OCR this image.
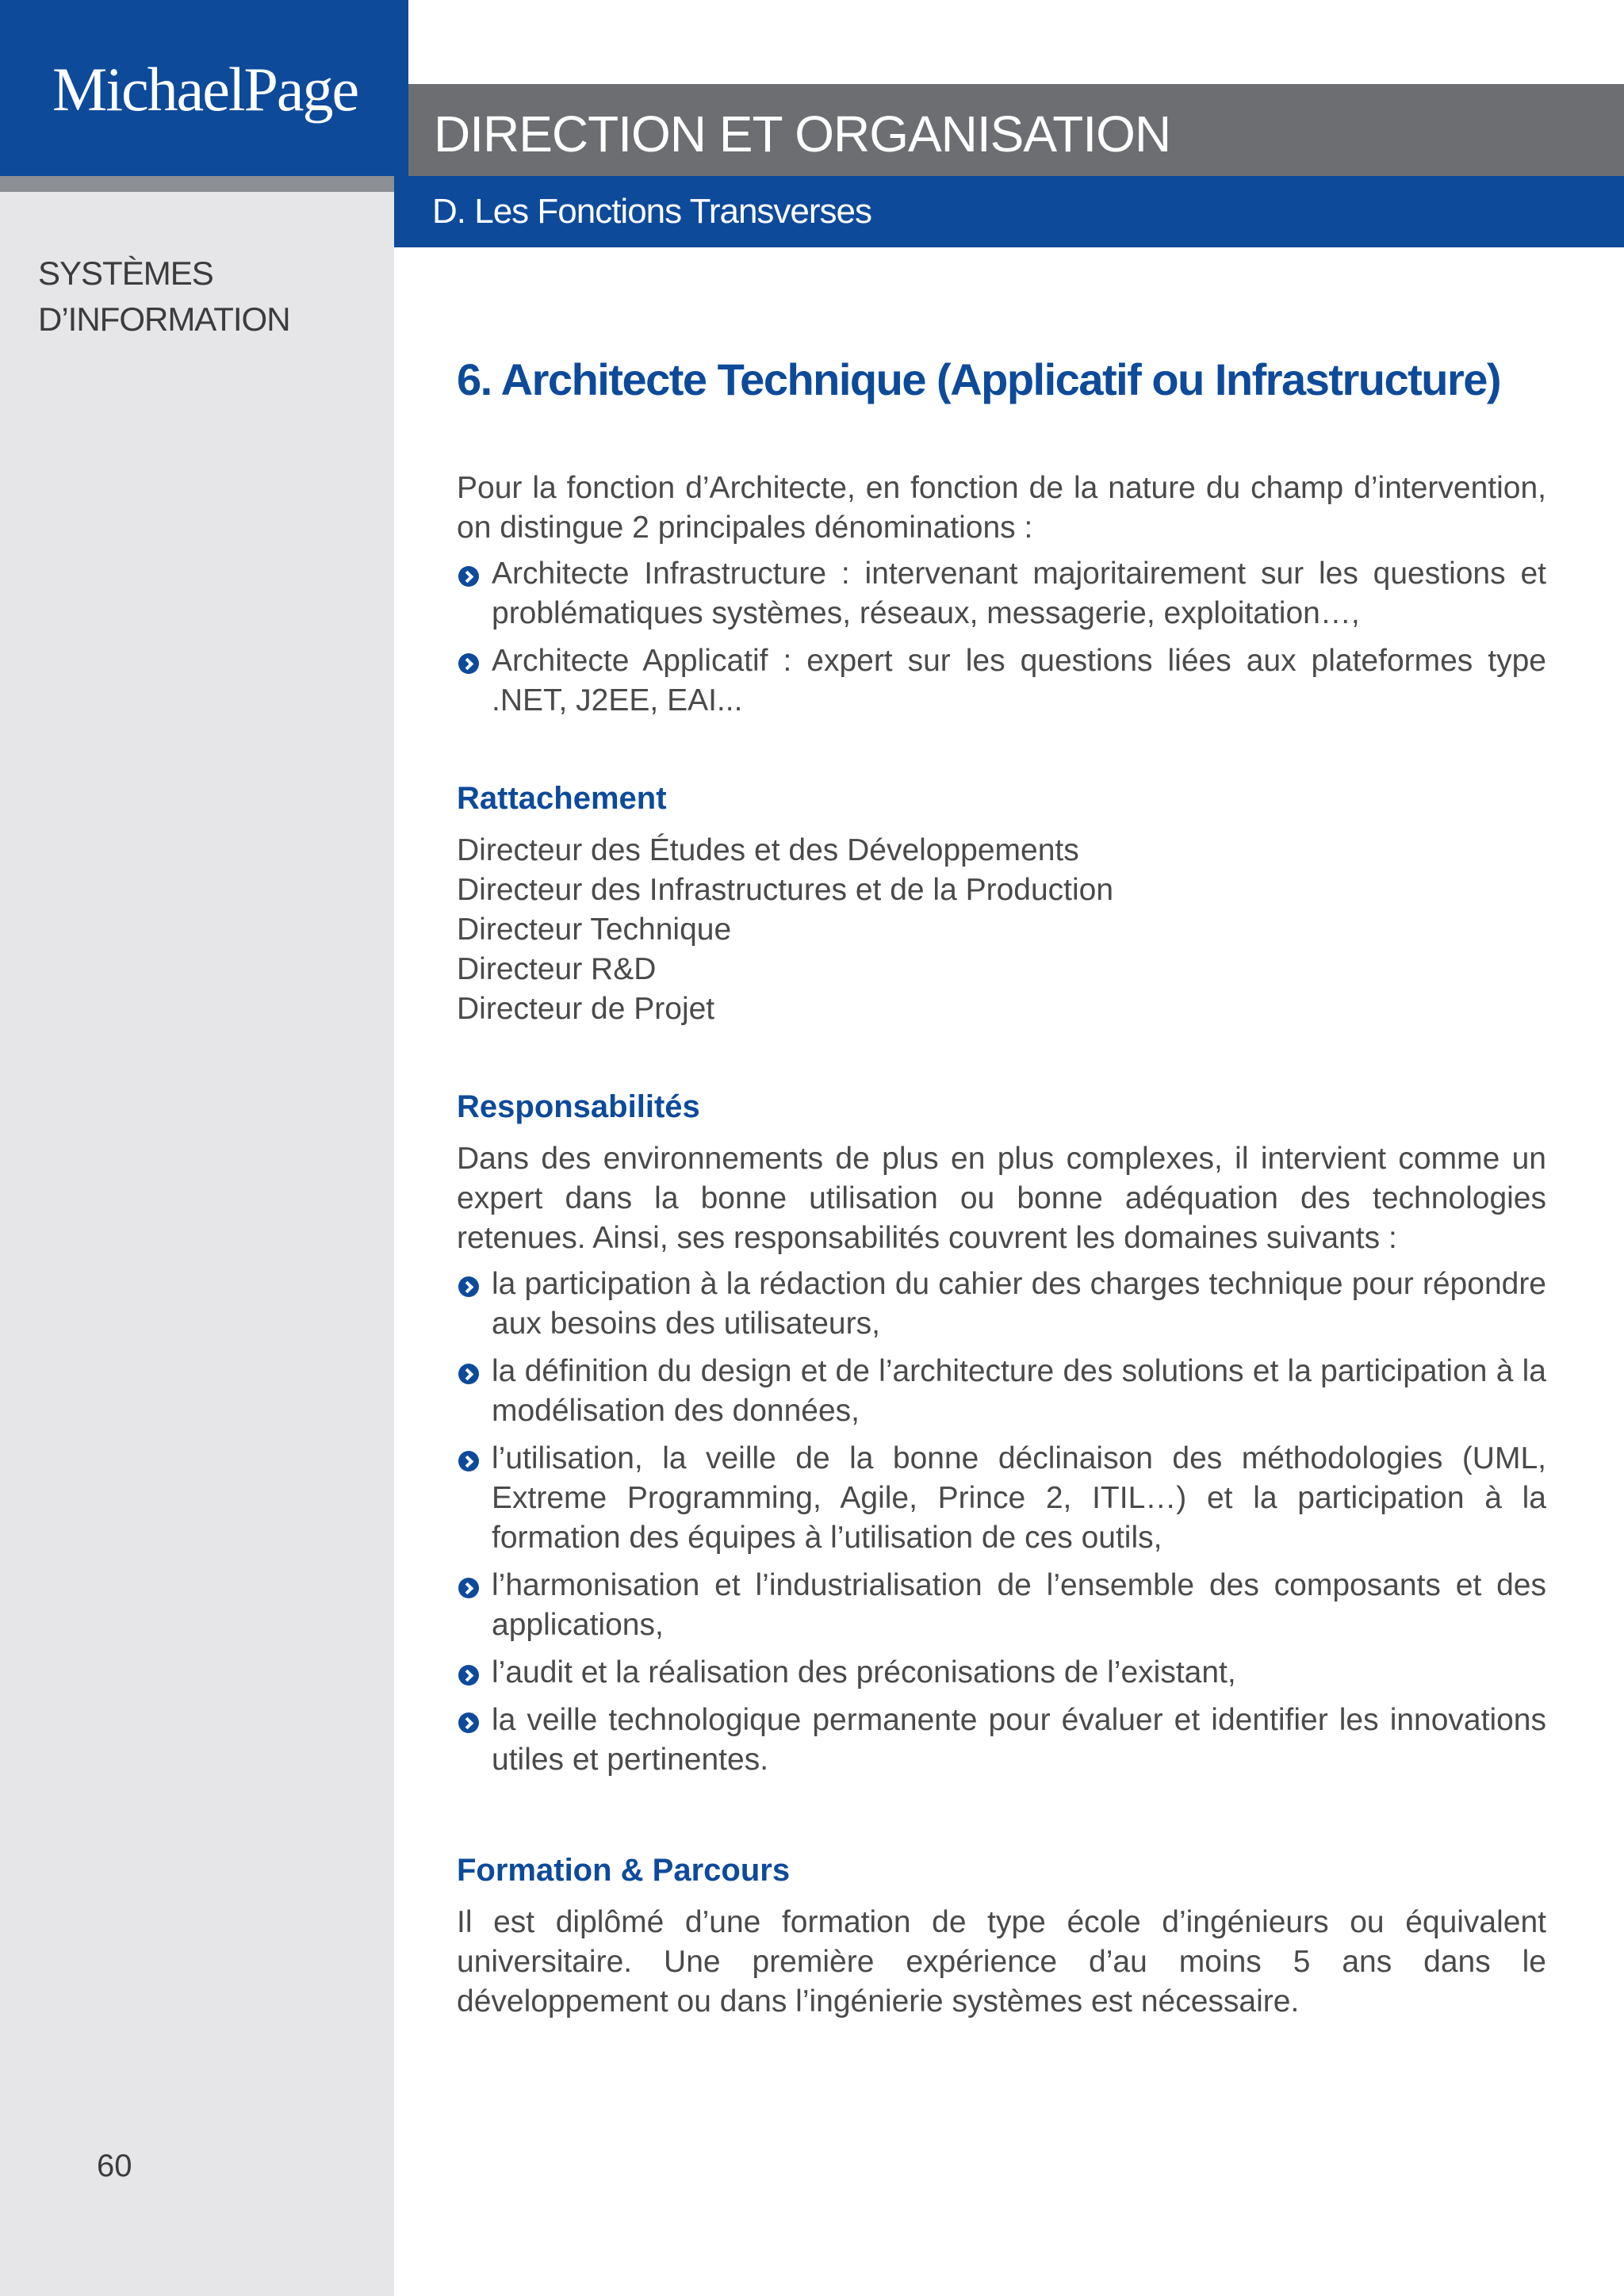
SYSTÈMES
D’INFORMATION
60
MichaelPage
DIRECTION ET ORGANISATION
D. Les Fonctions Transverses
6. Architecte Technique (Applicatif ou Infrastructure)

Pour la fonction d’Architecte, en fonction de la nature du champ d’intervention, on distingue 2 principales dénominations :

Architecte Infrastructure : intervenant majoritairement sur les questions et problématiques systèmes, réseaux, messagerie, exploitation…,
Architecte Applicatif : expert sur les questions liées aux plateformes type .NET, J2EE, EAI...
Rattachement
Directeur des Études et des Développements
Directeur des Infrastructures et de la Production
Directeur Technique
Directeur R&D
Directeur de Projet
Responsabilités

Dans des environnements de plus en plus complexes, il intervient comme un expert dans la bonne utilisation ou bonne adéquation des technologies retenues. Ainsi, ses responsabilités couvrent les domaines suivants :

la participation à la rédaction du cahier des charges technique pour répondre aux besoins des utilisateurs,
la définition du design et de l’architecture des solutions et la participation à la modélisation des données,
l’utilisation, la veille de la bonne déclinaison des méthodologies (UML, Extreme Programming, Agile, Prince 2, ITIL…) et la participation à la formation des équipes à l’utilisation de ces outils,
l’harmonisation et l’industrialisation de l’ensemble des composants et des applications,
l’audit et la réalisation des préconisations de l’existant,
la veille technologique permanente pour évaluer et identifier les innovations utiles et pertinentes.
Formation & Parcours

Il est diplômé d’une formation de type école d’ingénieurs ou équivalent universitaire. Une première expérience d’au moins 5 ans dans le développement ou dans l’ingénierie systèmes est nécessaire.
